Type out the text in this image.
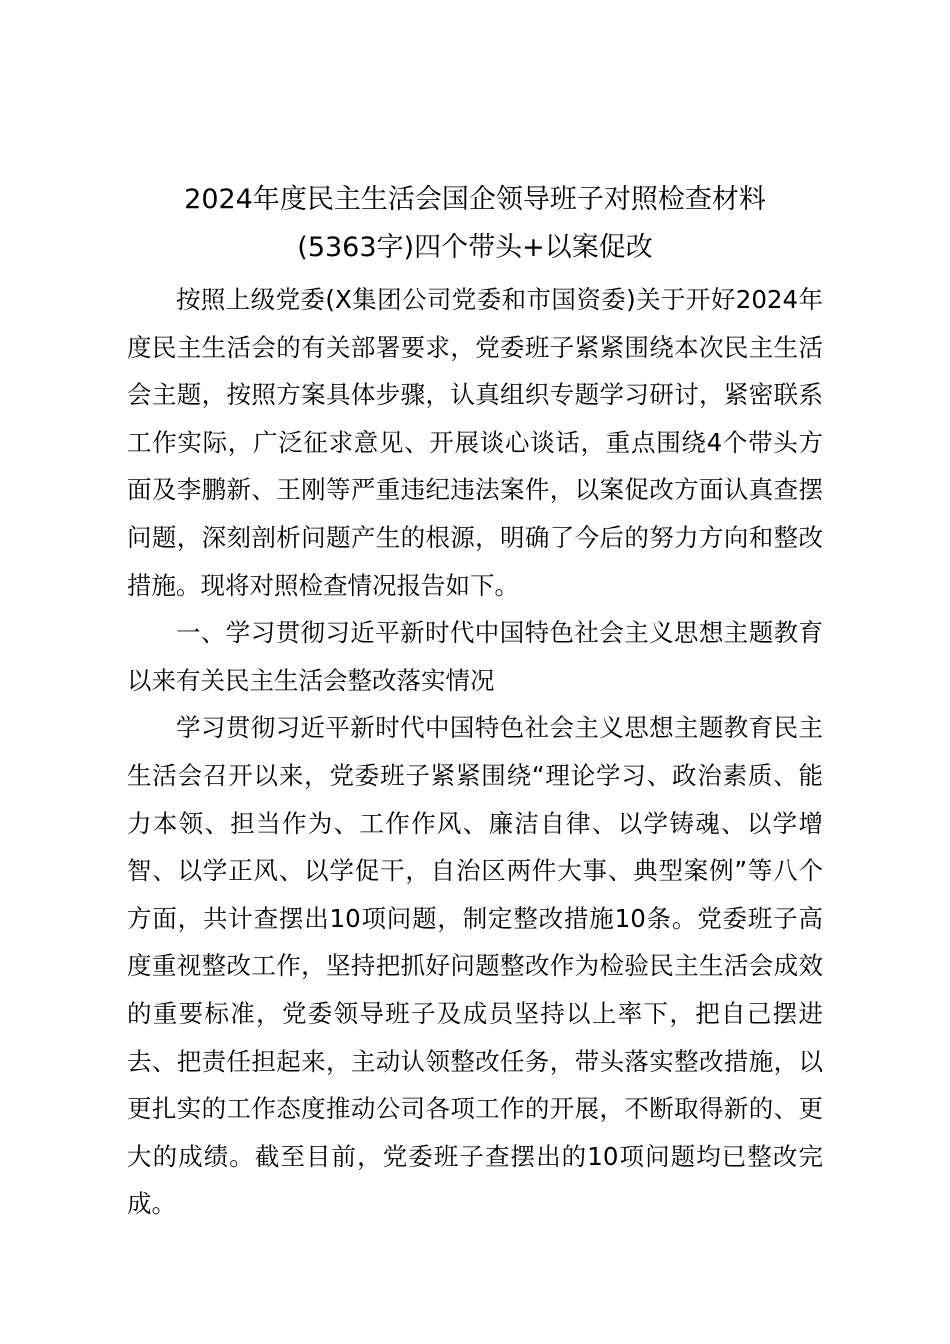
2024年度民主生活会国企领导班子对照检查材料
(5363字)四个带头+以案促改

按照上级党委(X集团公司党委和市国资委)关于开好2024年度民主生活会的有关部署要求，党委班子紧紧围绕本次民主生活会主题，按照方案具体步骤，认真组织专题学习研讨，紧密联系工作实际，广泛征求意见、开展谈心谈话，重点围绕4个带头方面及李鹏新、王刚等严重违纪违法案件，以案促改方面认真查摆问题，深刻剖析问题产生的根源，明确了今后的努力方向和整改措施。现将对照检查情况报告如下。

一、学习贯彻习近平新时代中国特色社会主义思想主题教育以来有关民主生活会整改落实情况

学习贯彻习近平新时代中国特色社会主义思想主题教育民主生活会召开以来，党委班子紧紧围绕“理论学习、政治素质、能力本领、担当作为、工作作风、廉洁自律、以学铸魂、以学增智、以学正风、以学促干，自治区两件大事、典型案例”等八个方面，共计查摆出10项问题，制定整改措施10条。党委班子高度重视整改工作，坚持把抓好问题整改作为检验民主生活会成效的重要标准，党委领导班子及成员坚持以上率下，把自己摆进去、把责任担起来，主动认领整改任务，带头落实整改措施，以更扎实的工作态度推动公司各项工作的开展，不断取得新的、更大的成绩。截至目前，党委班子查摆出的10项问题均已整改完成。
